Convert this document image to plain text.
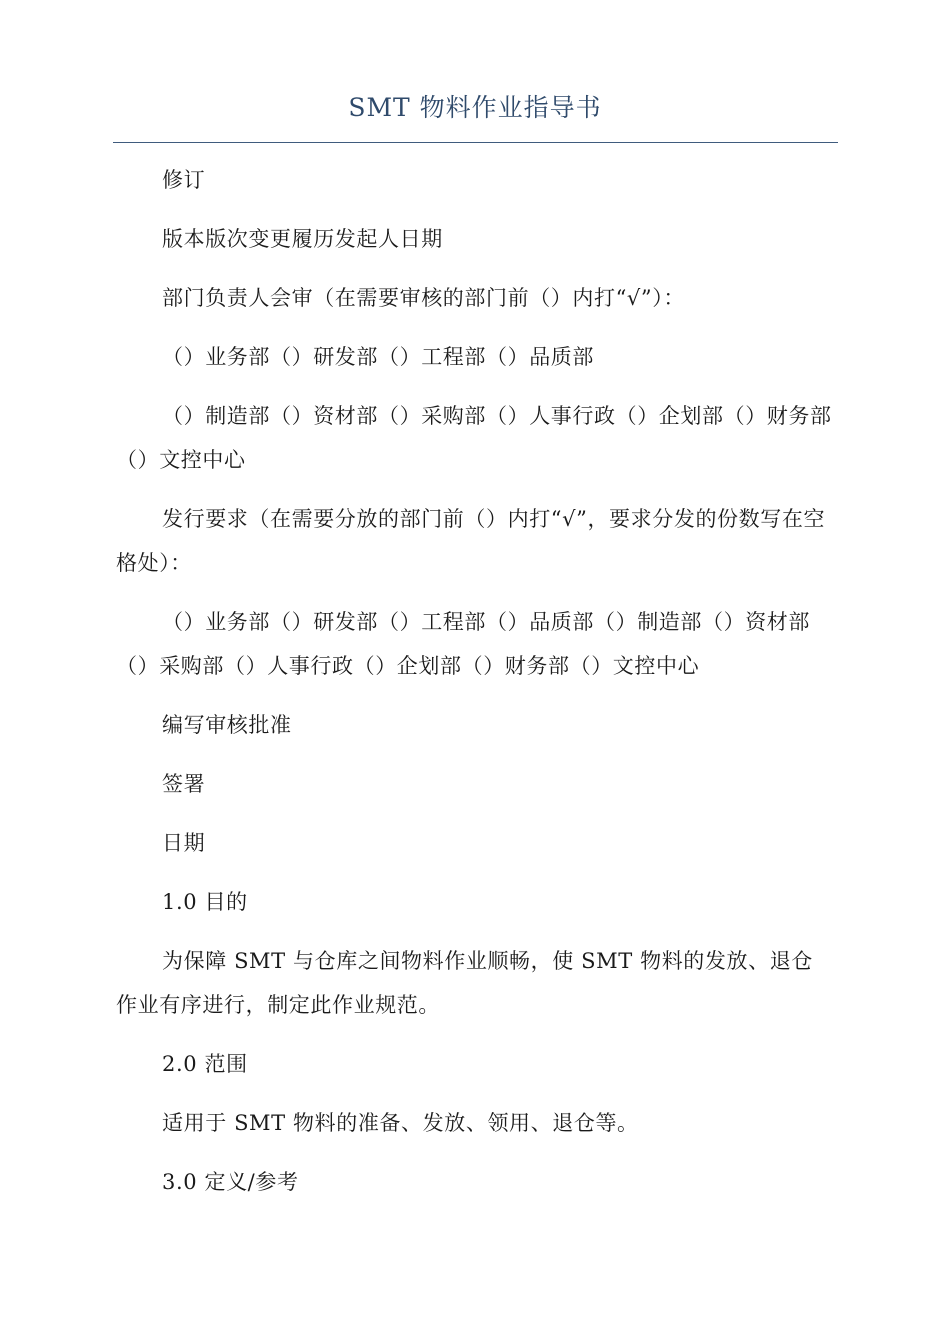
SMT 物料作业指导书

修订

版本版次变更履历发起人日期

部门负责人会审（在需要审核的部门前（）内打“√”）：

（）业务部（）研发部（）工程部（）品质部

（）制造部（）资材部（）采购部（）人事行政（）企划部（）财务部（）文控中心

发行要求（在需要分放的部门前（）内打“√”，要求分发的份数写在空格处）：

（）业务部（）研发部（）工程部（）品质部（）制造部（）资材部（）采购部（）人事行政（）企划部（）财务部（）文控中心

编写审核批准

签署

日期

1.0 目的

为保障 SMT 与仓库之间物料作业顺畅，使 SMT 物料的发放、退仓作业有序进行，制定此作业规范。

2.0 范围

适用于 SMT 物料的准备、发放、领用、退仓等。

3.0 定义/参考
